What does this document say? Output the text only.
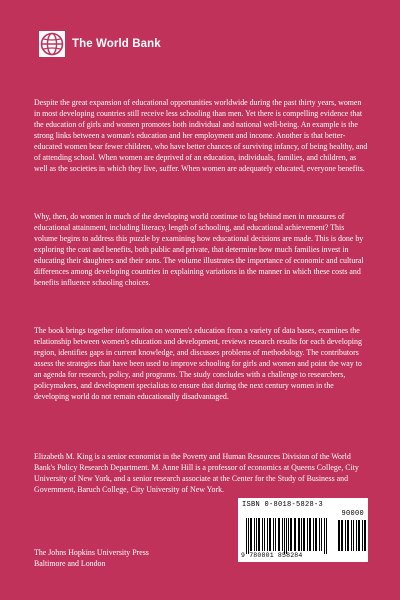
The World Bank

Despite the great expansion of educational opportunities worldwide during the past thirty years, women in most developing countries still receive less schooling than men. Yet there is compelling evidence that the education of girls and women promotes both individual and national well-being. An example is the strong links between a woman's education and her employment and income. Another is that better-educated women bear fewer children, who have better chances of surviving infancy, of being healthy, and of attending school. When women are deprived of an education, individuals, families, and children, as well as the societies in which they live, suffer. When women are adequately educated, everyone benefits.

Why, then, do women in much of the developing world continue to lag behind men in measures of educational attainment, including literacy, length of schooling, and educational achievement? This volume begins to address this puzzle by examining how educational decisions are made. This is done by exploring the cost and benefits, both public and private, that determine how much families invest in educating their daughters and their sons. The volume illustrates the importance of economic and cultural differences among developing countries in explaining variations in the manner in which these costs and benefits influence schooling choices.

The book brings together information on women's education from a variety of data bases, examines the relationship between women's education and development, reviews research results for each developing region, identifies gaps in current knowledge, and discusses problems of methodology. The contributors assess the strategies that have been used to improve schooling for girls and women and point the way to an agenda for research, policy, and programs. The study concludes with a challenge to researchers, policymakers, and development specialists to ensure that during the next century women in the developing world do not remain educationally disadvantaged.

Elizabeth M. King is a senior economist in the Poverty and Human Resources Division of the World Bank's Policy Research Department. M. Anne Hill is a professor of economics at Queens College, City University of New York, and a senior research associate at the Center for the Study of Business and Government, Baruch College, City University of New York.

ISBN 0-8018-5828-3
90000
9 780801 858284
The Johns Hopkins University Press
Baltimore and London
